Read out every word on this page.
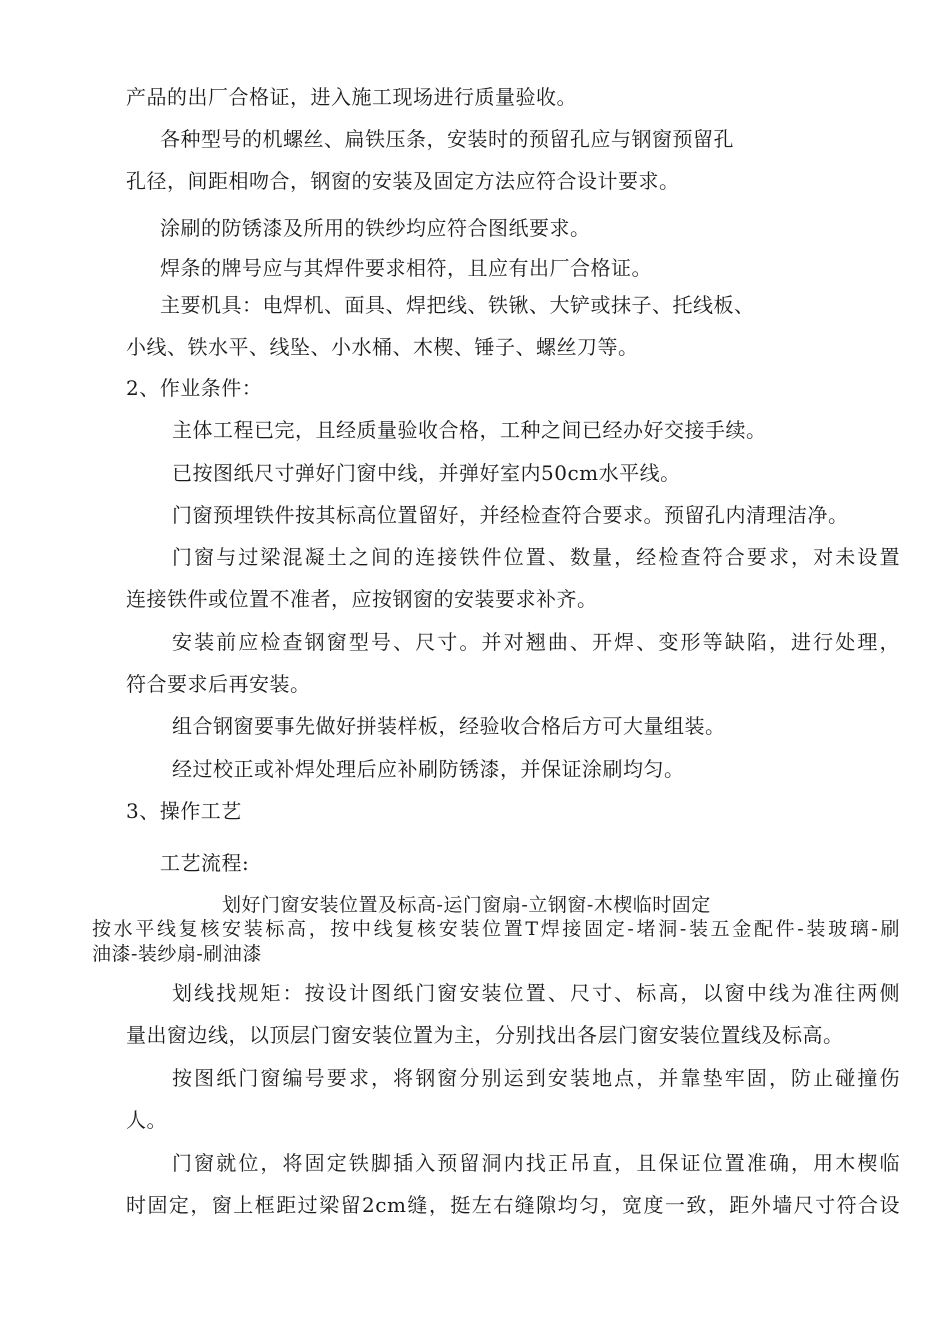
产品的出厂合格证，进入施工现场进行质量验收。
各种型号的机螺丝、扁铁压条，安装时的预留孔应与钢窗预留孔
孔径，间距相吻合，钢窗的安装及固定方法应符合设计要求。
涂刷的防锈漆及所用的铁纱均应符合图纸要求。
焊条的牌号应与其焊件要求相符，且应有出厂合格证。
主要机具：电焊机、面具、焊把线、铁锹、大铲或抹子、托线板、
小线、铁水平、线坠、小水桶、木楔、锤子、螺丝刀等。
2、作业条件：
主体工程已完，且经质量验收合格，工种之间已经办好交接手续。
已按图纸尺寸弹好门窗中线，并弹好室内50cm水平线。
门窗预埋铁件按其标高位置留好，并经检查符合要求。预留孔内清理洁净。
门窗与过梁混凝土之间的连接铁件位置、数量，经检查符合要求，对未设置
连接铁件或位置不准者，应按钢窗的安装要求补齐。
安装前应检查钢窗型号、尺寸。并对翘曲、开焊、变形等缺陷，进行处理，
符合要求后再安装。
组合钢窗要事先做好拼装样板，经验收合格后方可大量组装。
经过校正或补焊处理后应补刷防锈漆，并保证涂刷均匀。
3、操作工艺
工艺流程:
划好门窗安装位置及标高-运门窗扇-立钢窗-木楔临时固定
按水平线复核安装标高，按中线复核安装位置T焊接固定-堵洞-装五金配件-装玻璃-刷
油漆-装纱扇-刷油漆
划线找规矩：按设计图纸门窗安装位置、尺寸、标高，以窗中线为准往两侧
量出窗边线，以顶层门窗安装位置为主，分别找出各层门窗安装位置线及标高。
按图纸门窗编号要求，将钢窗分别运到安装地点，并靠垫牢固，防止碰撞伤
人。
门窗就位，将固定铁脚插入预留洞内找正吊直，且保证位置准确，用木楔临
时固定，窗上框距过梁留2cm缝，挺左右缝隙均匀，宽度一致，距外墙尺寸符合设
